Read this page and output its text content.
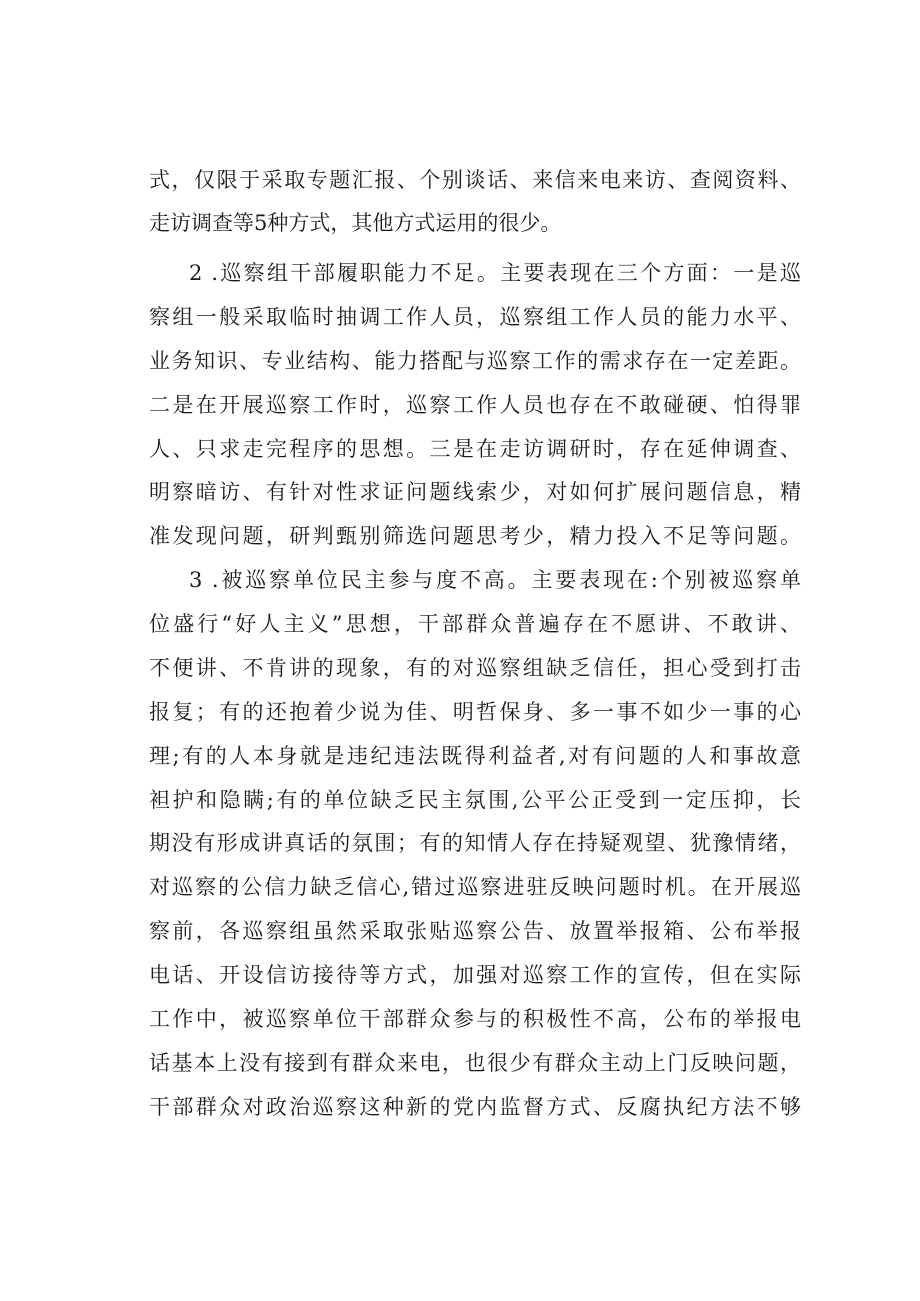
式，仅限于采取专题汇报、个别谈话、来信来电来访、查阅资料、
走访调查等5种方式，其他方式运用的很少。
2 .巡察组干部履职能力不足。主要表现在三个方面：一是巡
察组一般采取临时抽调工作人员，巡察组工作人员的能力水平、
业务知识、专业结构、能力搭配与巡察工作的需求存在一定差距。
二是在开展巡察工作时，巡察工作人员也存在不敢碰硬、怕得罪
人、只求走完程序的思想。三是在走访调研时，存在延伸调查、
明察暗访、有针对性求证问题线索少，对如何扩展问题信息，精
准发现问题，研判甄别筛选问题思考少，精力投入不足等问题。
3 .被巡察单位民主参与度不高。主要表现在:个别被巡察单
位盛行“好人主义”思想，干部群众普遍存在不愿讲、不敢讲、
不便讲、不肯讲的现象，有的对巡察组缺乏信任，担心受到打击
报复；有的还抱着少说为佳、明哲保身、多一事不如少一事的心
理;有的人本身就是违纪违法既得利益者,对有问题的人和事故意
袒护和隐瞒;有的单位缺乏民主氛围,公平公正受到一定压抑，长
期没有形成讲真话的氛围；有的知情人存在持疑观望、犹豫情绪，
对巡察的公信力缺乏信心,错过巡察进驻反映问题时机。在开展巡
察前，各巡察组虽然采取张贴巡察公告、放置举报箱、公布举报
电话、开设信访接待等方式，加强对巡察工作的宣传，但在实际
工作中，被巡察单位干部群众参与的积极性不高，公布的举报电
话基本上没有接到有群众来电，也很少有群众主动上门反映问题，
干部群众对政治巡察这种新的党内监督方式、反腐执纪方法不够
